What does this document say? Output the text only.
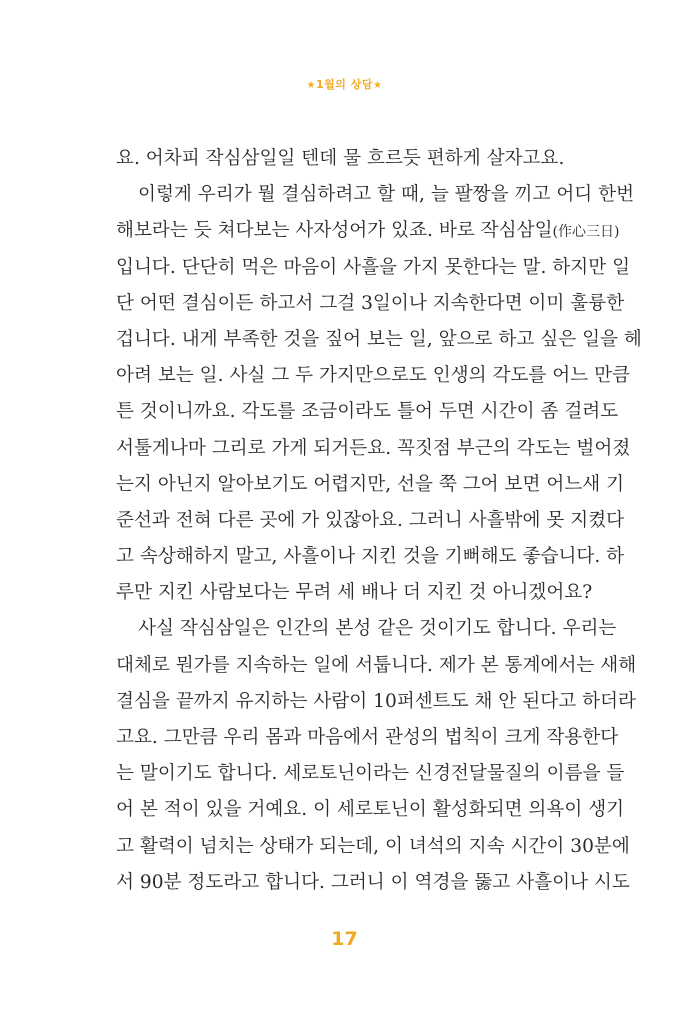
★1월의 상담★
요. 어차피 작심삼일일 텐데 물 흐르듯 편하게 살자고요.
이렇게 우리가 뭘 결심하려고 할 때, 늘 팔짱을 끼고 어디 한번
해보라는 듯 쳐다보는 사자성어가 있죠. 바로 작심삼일(作心三日)
입니다. 단단히 먹은 마음이 사흘을 가지 못한다는 말. 하지만 일
단 어떤 결심이든 하고서 그걸 3일이나 지속한다면 이미 훌륭한
겁니다. 내게 부족한 것을 짚어 보는 일, 앞으로 하고 싶은 일을 헤
아려 보는 일. 사실 그 두 가지만으로도 인생의 각도를 어느 만큼
튼 것이니까요. 각도를 조금이라도 틀어 두면 시간이 좀 걸려도
서툴게나마 그리로 가게 되거든요. 꼭짓점 부근의 각도는 벌어졌
는지 아닌지 알아보기도 어렵지만, 선을 쭉 그어 보면 어느새 기
준선과 전혀 다른 곳에 가 있잖아요. 그러니 사흘밖에 못 지켰다
고 속상해하지 말고, 사흘이나 지킨 것을 기뻐해도 좋습니다. 하
루만 지킨 사람보다는 무려 세 배나 더 지킨 것 아니겠어요?
사실 작심삼일은 인간의 본성 같은 것이기도 합니다. 우리는
대체로 뭔가를 지속하는 일에 서툽니다. 제가 본 통계에서는 새해
결심을 끝까지 유지하는 사람이 10퍼센트도 채 안 된다고 하더라
고요. 그만큼 우리 몸과 마음에서 관성의 법칙이 크게 작용한다
는 말이기도 합니다. 세로토닌이라는 신경전달물질의 이름을 들
어 본 적이 있을 거예요. 이 세로토닌이 활성화되면 의욕이 생기
고 활력이 넘치는 상태가 되는데, 이 녀석의 지속 시간이 30분에
서 90분 정도라고 합니다. 그러니 이 역경을 뚫고 사흘이나 시도
17
